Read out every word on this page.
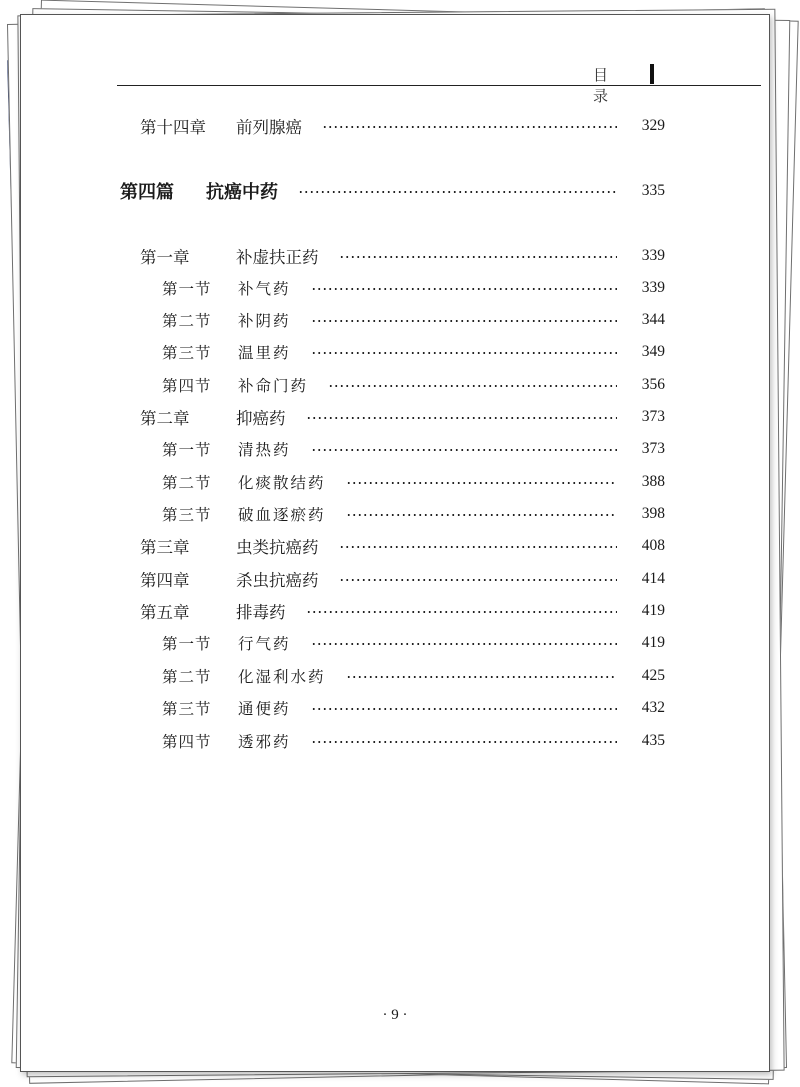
目 录
第十四章	前列腺癌	329
第四篇	抗癌中药	335
第一章	补虚扶正药	339
第一节	补气药	339
第二节	补阴药	344
第三节	温里药	349
第四节	补命门药	356
第二章	抑癌药	373
第一节	清热药	373
第二节	化痰散结药	388
第三节	破血逐瘀药	398
第三章	虫类抗癌药	408
第四章	杀虫抗癌药	414
第五章	排毒药	419
第一节	行气药	419
第二节	化湿利水药	425
第三节	通便药	432
第四节	透邪药	435
· 9 ·
